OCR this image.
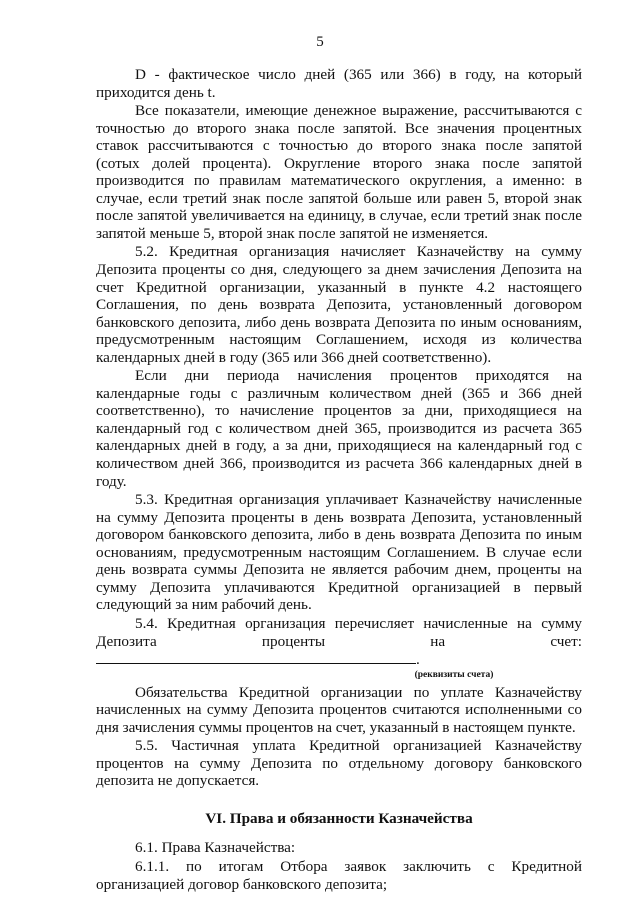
5

D - фактическое число дней (365 или 366) в году, на который приходится день t.

Все показатели, имеющие денежное выражение, рассчитываются с точностью до второго знака после запятой. Все значения процентных ставок рассчитываются с точностью до второго знака после запятой (сотых долей процента). Округление второго знака после запятой производится по правилам математического округления, а именно: в случае, если третий знак после запятой больше или равен 5, второй знак после запятой увеличивается на единицу, в случае, если третий знак после запятой меньше 5, второй знак после запятой не изменяется.

5.2. Кредитная организация начисляет Казначейству на сумму Депозита проценты со дня, следующего за днем зачисления Депозита на счет Кредитной организации, указанный в пункте 4.2 настоящего Соглашения, по день возврата Депозита, установленный договором банковского депозита, либо день возврата Депозита по иным основаниям, предусмотренным настоящим Соглашением, исходя из количества календарных дней в году (365 или 366 дней соответственно).

Если дни периода начисления процентов приходятся на календарные годы с различным количеством дней (365 и 366 дней соответственно), то начисление процентов за дни, приходящиеся на календарный год с количеством дней 365, производится из расчета 365 календарных дней в году, а за дни, приходящиеся на календарный год с количеством дней 366, производится из расчета 366 календарных дней в году.

5.3. Кредитная организация уплачивает Казначейству начисленные на сумму Депозита проценты в день возврата Депозита, установленный договором банковского депозита, либо в день возврата Депозита по иным основаниям, предусмотренным настоящим Соглашением. В случае если день возврата суммы Депозита не является рабочим днем, проценты на сумму Депозита уплачиваются Кредитной организацией в первый следующий за ним рабочий день.

5.4. Кредитная организация перечисляет начисленные на сумму Депозита проценты на счет: .

(реквизиты счета)

Обязательства Кредитной организации по уплате Казначейству начисленных на сумму Депозита процентов считаются исполненными со дня зачисления суммы процентов на счет, указанный в настоящем пункте.

5.5. Частичная уплата Кредитной организацией Казначейству процентов на сумму Депозита по отдельному договору банковского депозита не допускается.

VI. Права и обязанности Казначейства

6.1. Права Казначейства:

6.1.1. по итогам Отбора заявок заключить с Кредитной организацией договор банковского депозита;
